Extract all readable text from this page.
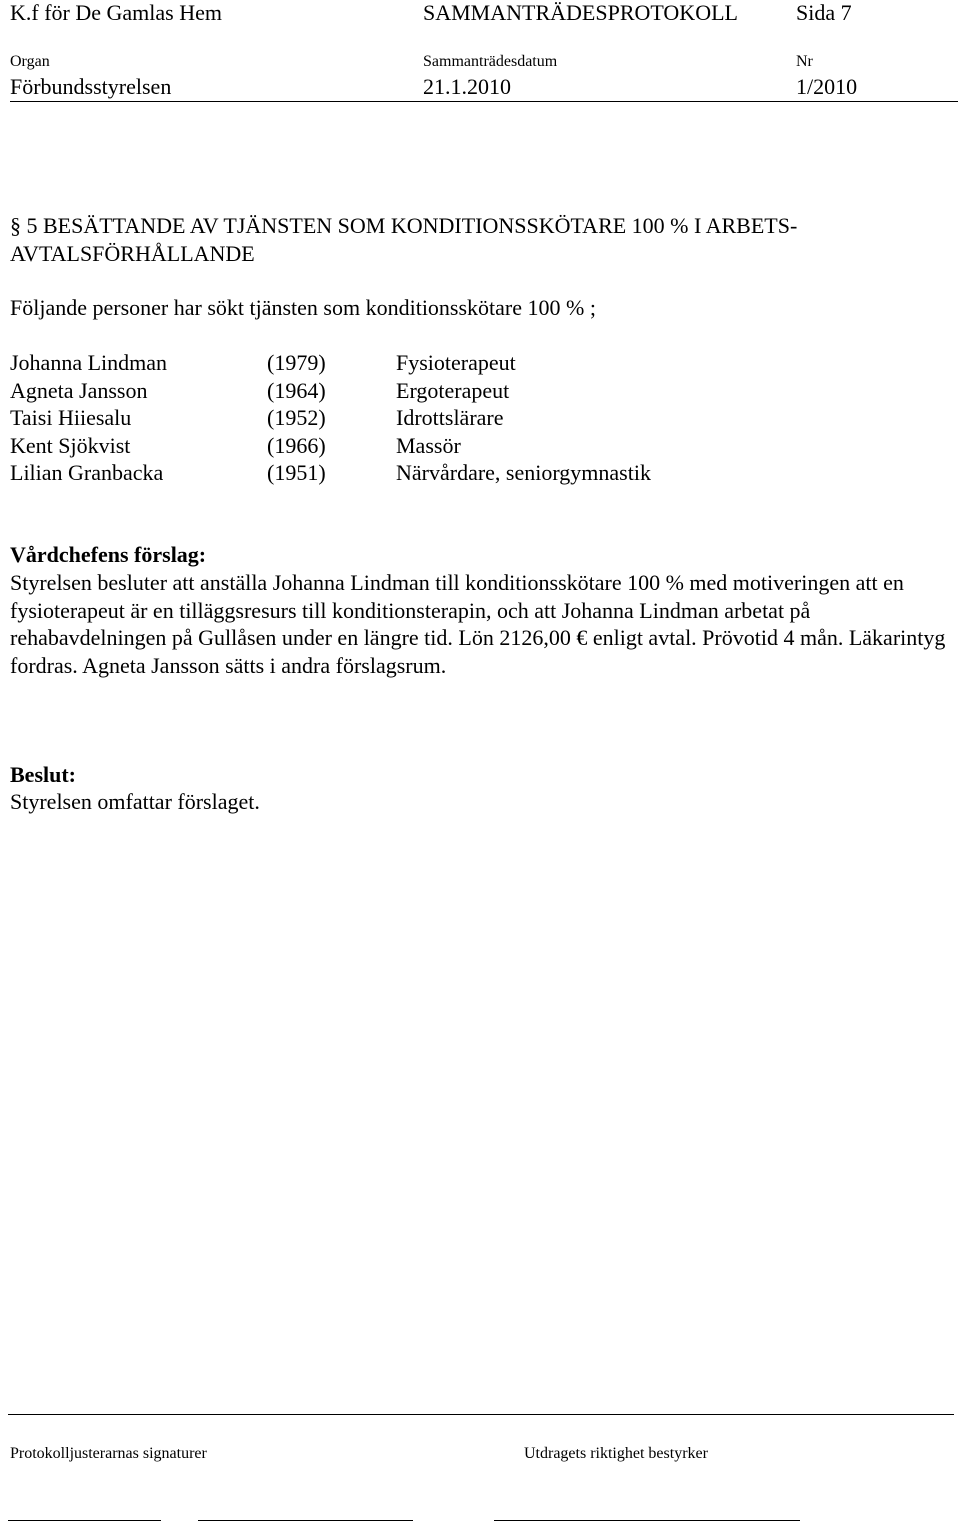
K.f för De Gamlas Hem	SAMMANTRÄDESPROTOKOLL	Sida 7
Organ	Sammanträdesdatum	Nr
Förbundsstyrelsen	21.1.2010	1/2010
§ 5 BESÄTTANDE AV TJÄNSTEN SOM KONDITIONSSKÖTARE 100 % I ARBETS-AVTALSFÖRHÅLLANDE
Följande personer har sökt tjänsten som konditionsskötare 100 % ;
Johanna Lindman	(1979)	Fysioterapeut
Agneta Jansson	(1964)	Ergoterapeut
Taisi Hiiesalu	(1952)	Idrottslärare
Kent Sjökvist	(1966)	Massör
Lilian Granbacka	(1951)	Närvårdare, seniorgymnastik
Vårdchefens förslag:
Styrelsen besluter att anställa Johanna Lindman till konditionsskötare 100 % med motiveringen att en fysioterapeut är en tilläggsresurs till konditionsterapin, och att Johanna Lindman arbetat på rehabavdelningen på Gullåsen under en längre tid. Lön 2126,00 € enligt avtal. Prövotid 4 mån. Läkarintyg fordras. Agneta Jansson sätts i andra förslagsrum.
Beslut:
Styrelsen omfattar förslaget.
Protokolljusterarnas signaturer	Utdragets riktighet bestyrker
